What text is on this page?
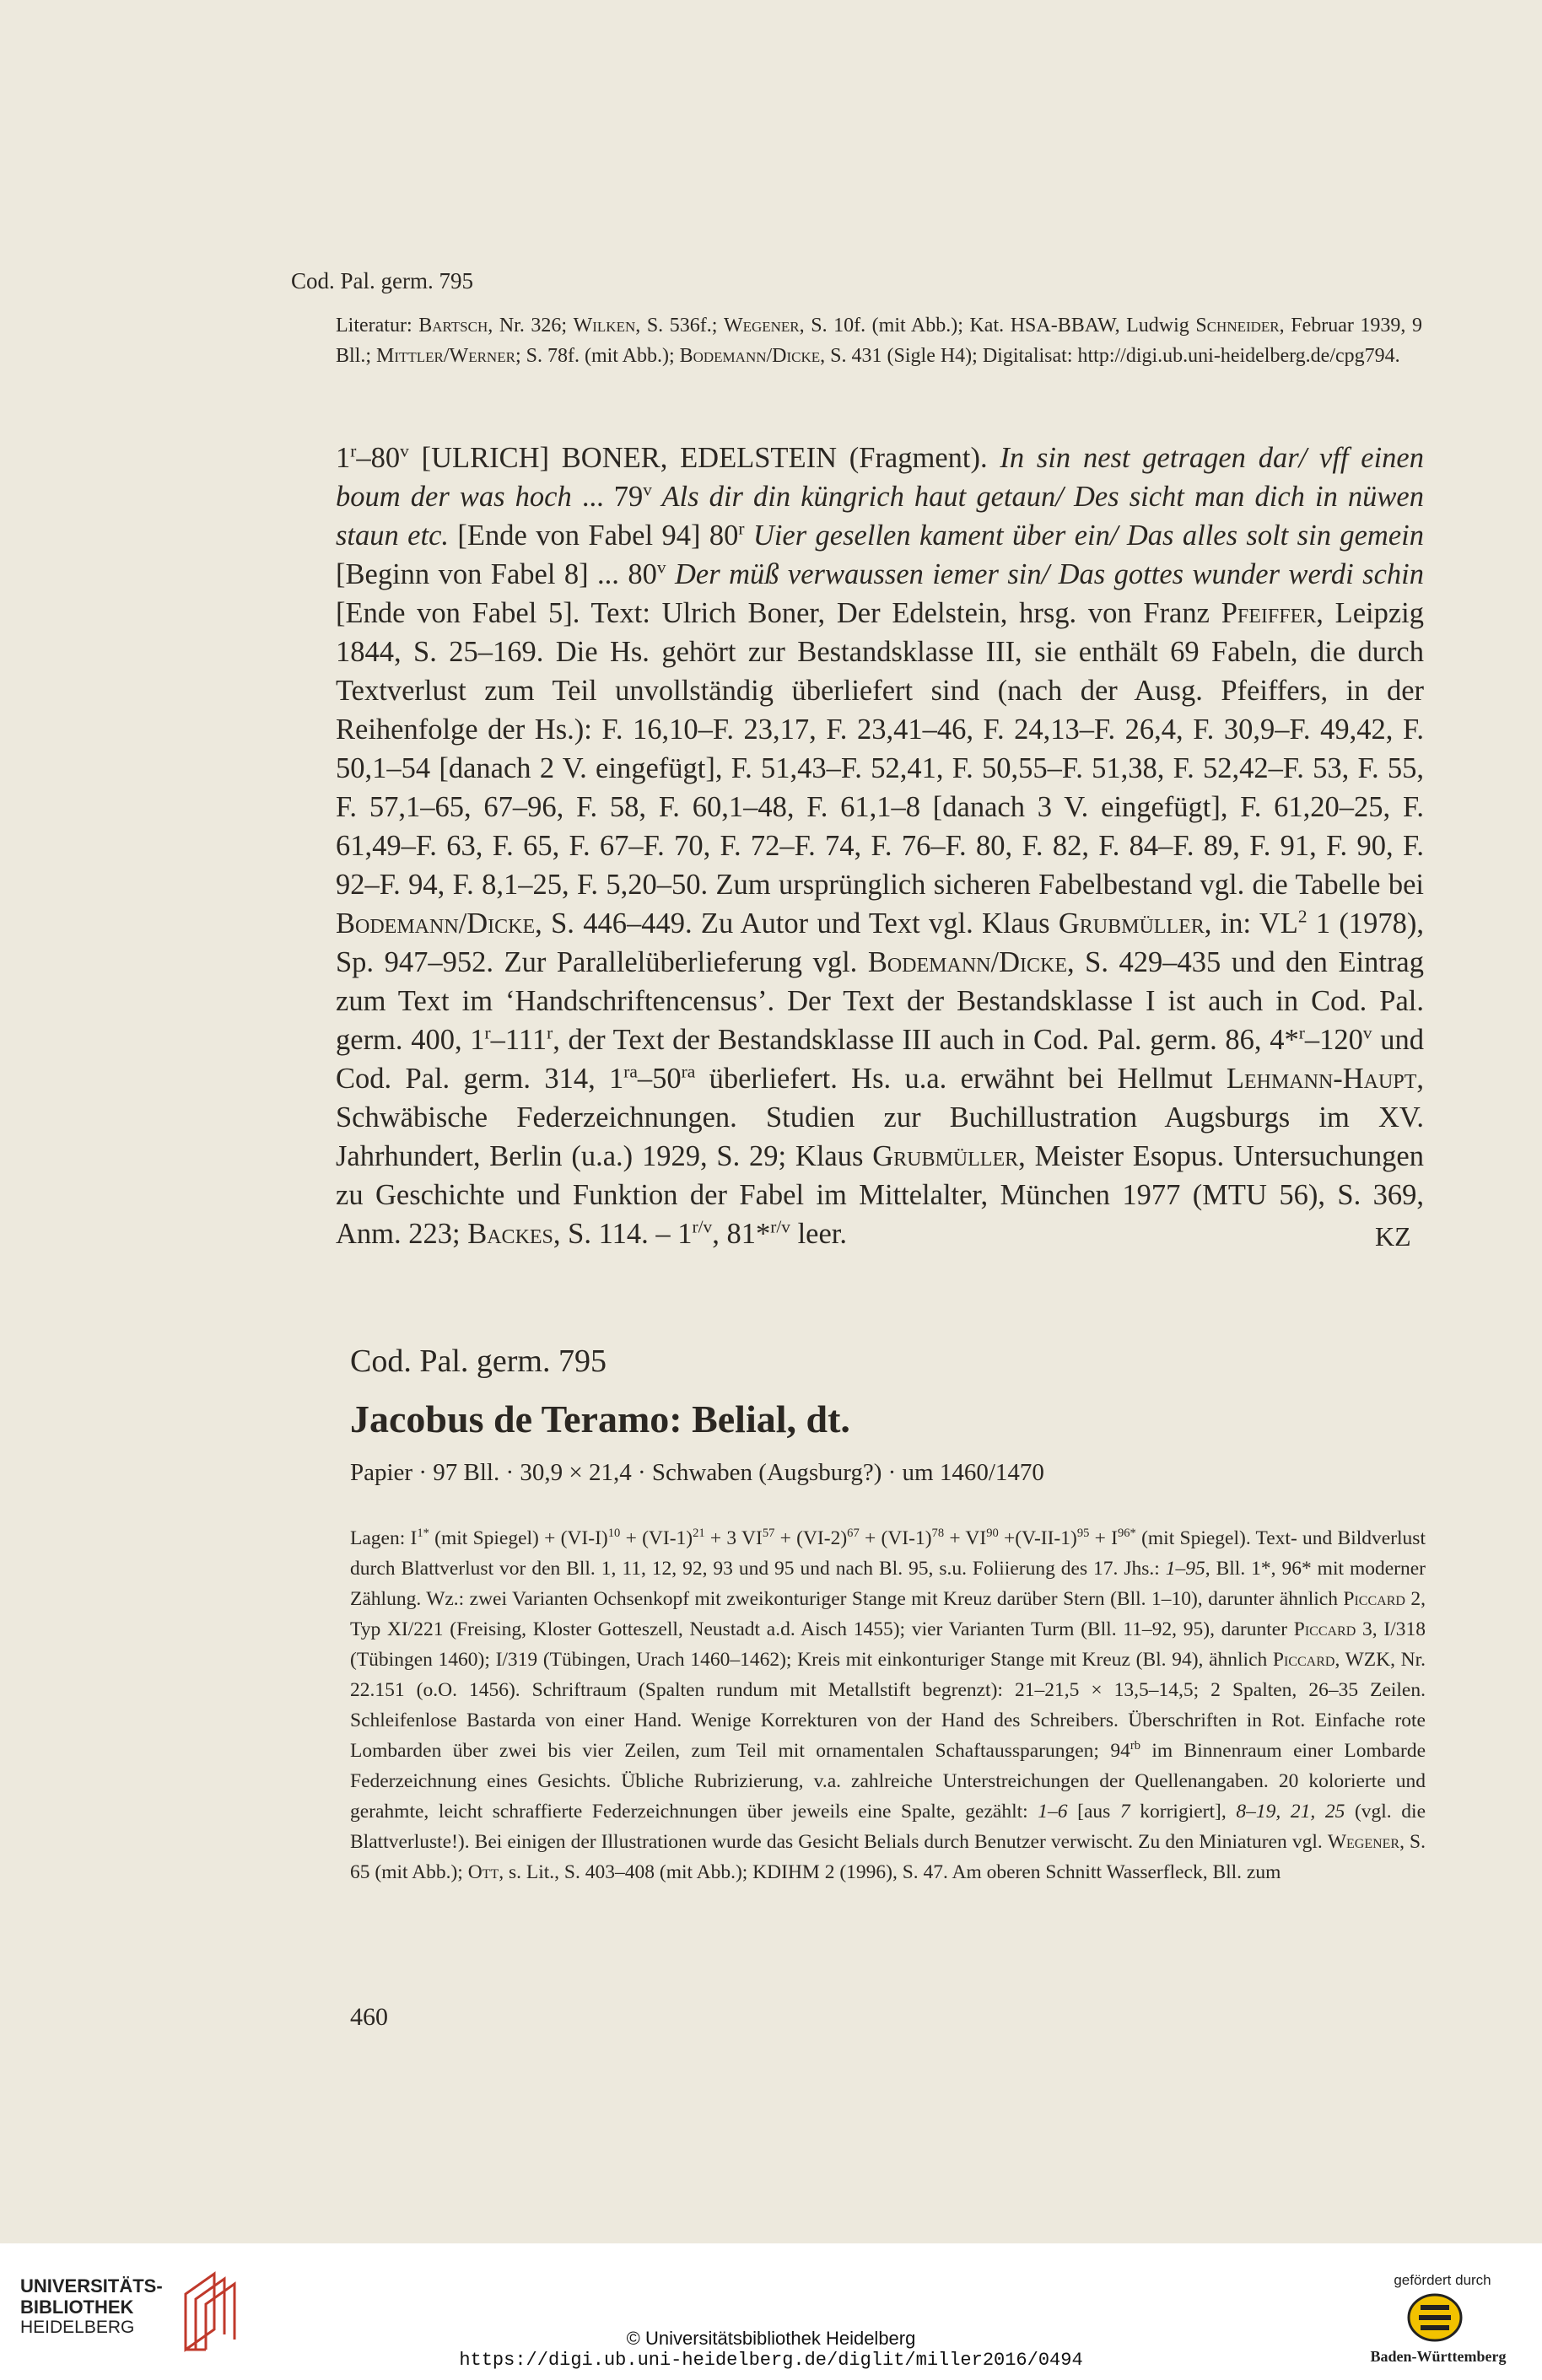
Cod. Pal. germ. 795
Literatur: Bartsch, Nr. 326; Wilken, S. 536f.; Wegener, S. 10f. (mit Abb.); Kat. HSA-BBAW, Ludwig Schneider, Februar 1939, 9 Bll.; Mittler/Werner; S. 78f. (mit Abb.); Bodemann/Dicke, S. 431 (Sigle H4); Digitalisat: http://digi.ub.uni-heidelberg.de/cpg794.
1$^r$–80$^v$ [ULRICH] BONER, EDELSTEIN (Fragment). In sin nest getragen dar/ vff einen boum der was hoch ... 79$^v$ Als dir din küngrich haut getaun/ Des sicht man dich in nüwen staun etc. [Ende von Fabel 94] 80$^r$ Uier gesellen kament über ein/ Das alles solt sin gemein [Beginn von Fabel 8] ... 80$^v$ Der müß verwaussen iemer sin/ Das gottes wunder werdi schin [Ende von Fabel 5]. Text: Ulrich Boner, Der Edelstein, hrsg. von Franz Pfeiffer, Leipzig 1844, S. 25–169. Die Hs. gehört zur Bestandsklasse III, sie enthält 69 Fabeln, die durch Textverlust zum Teil unvollständig überliefert sind (nach der Ausg. Pfeiffers, in der Reihenfolge der Hs.): F. 16,10–F. 23,17, F. 23,41–46, F. 24,13–F. 26,4, F. 30,9–F. 49,42, F. 50,1–54 [danach 2 V. eingefügt], F. 51,43–F. 52,41, F. 50,55–F. 51,38, F. 52,42–F. 53, F. 55, F. 57,1–65, 67–96, F. 58, F. 60,1–48, F. 61,1–8 [danach 3 V. eingefügt], F. 61,20–25, F. 61,49–F. 63, F. 65, F. 67–F. 70, F. 72–F. 74, F. 76–F. 80, F. 82, F. 84–F. 89, F. 91, F. 90, F. 92–F. 94, F. 8,1–25, F. 5,20–50. Zum ursprünglich sicheren Fabelbestand vgl. die Tabelle bei Bodemann/Dicke, S. 446–449. Zu Autor und Text vgl. Klaus Grubmüller, in: $VL^2$ 1 (1978), Sp. 947–952. Zur Parallelüberlieferung vgl. Bodemann/Dicke, S. 429–435 und den Eintrag zum Text im ‘Handschriftencensus’. Der Text der Bestandsklasse I ist auch in Cod. Pal. germ. 400, 1$^r$–111$^r$, der Text der Bestandsklasse III auch in Cod. Pal. germ. 86, 4*$^r$–120$^v$ und Cod. Pal. germ. 314, $1^{ra}-50^{ra}$ überliefert. Hs. u.a. erwähnt bei Hellmut Lehmann-Haupt, Schwäbische Federzeichnungen. Studien zur Buchillustration Augsburgs im XV. Jahrhundert, Berlin (u.a.) 1929, S. 29; Klaus Grubmüller, Meister Esopus. Untersuchungen zu Geschichte und Funktion der Fabel im Mittelalter, München 1977 (MTU 56), S. 369, Anm. 223; Backes, S. 114. – $1^{r/v}$, 81*$^{r/v}$ leer.	KZ
Cod. Pal. germ. 795
Jacobus de Teramo: Belial, dt.
Papier · 97 Bll. · 30,9 × 21,4 · Schwaben (Augsburg?) · um 1460/1470
Lagen: $I^{1*}$ (mit Spiegel) + $(VI-I)^{10} + (VI-1)^{21} + 3$ $VI^{57} + (VI-2)^{67} + (VI-1)^{78} + VI^{90} +(V-II-1)^{95} + I^{96*}$ (mit Spiegel). Text- und Bildverlust durch Blattverlust vor den Bll. 1, 11, 12, 92, 93 und 95 und nach Bl. 95, s.u. Foliierung des 17. Jhs.: 1–95, Bll. 1*, 96* mit moderner Zählung. Wz.: zwei Varianten Ochsenkopf mit zweikonturiger Stange mit Kreuz darüber Stern (Bll. 1–10), darunter ähnlich Piccard 2, Typ XI/221 (Freising, Kloster Gotteszell, Neustadt a.d. Aisch 1455); vier Varianten Turm (Bll. 11–92, 95), darunter Piccard 3, I/318 (Tübingen 1460); I/319 (Tübingen, Urach 1460–1462); Kreis mit einkonturiger Stange mit Kreuz (Bl. 94), ähnlich Piccard, WZK, Nr. 22.151 (o.O. 1456). Schriftraum (Spalten rundum mit Metallstift begrenzt): 21–21,5 × 13,5–14,5; 2 Spalten, 26–35 Zeilen. Schleifenlose Bastarda von einer Hand. Wenige Korrekturen von der Hand des Schreibers. Überschriften in Rot. Einfache rote Lombarden über zwei bis vier Zeilen, zum Teil mit ornamentalen Schaftaussparungen; $94^{rb}$ im Binnenraum einer Lombarde Federzeichnung eines Gesichts. Übliche Rubrizierung, v.a. zahlreiche Unterstreichungen der Quellenangaben. 20 kolorierte und gerahmte, leicht schraffierte Federzeichnungen über jeweils eine Spalte, gezählt: 1–6 [aus 7 korrigiert], 8–19, 21, 25 (vgl. die Blattverluste!). Bei einigen der Illustrationen wurde das Gesicht Belials durch Benutzer verwischt. Zu den Miniaturen vgl. Wegener, S. 65 (mit Abb.); Ott, s. Lit., S. 403–408 (mit Abb.); KDIHM 2 (1996), S. 47. Am oberen Schnitt Wasserfleck, Bll. zum
460
UNIVERSITÄTS-
BIBLIOTHEK
HEIDELBERG
© Universitätsbibliothek Heidelberg
https://digi.ub.uni-heidelberg.de/diglit/miller2016/0494
gefördert durch
Baden-Württemberg
